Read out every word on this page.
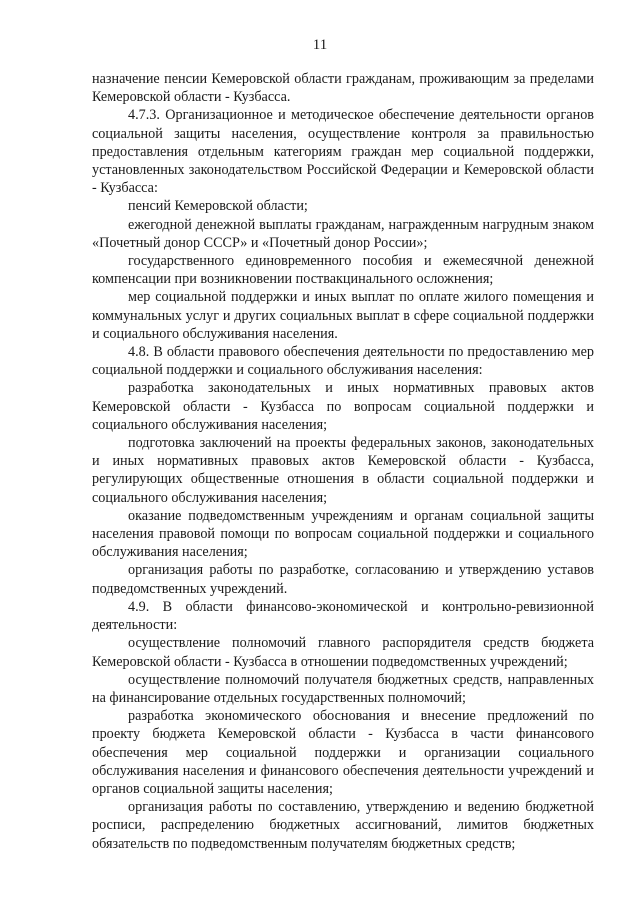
11

назначение пенсии Кемеровской области гражданам, проживающим за пределами Кемеровской области - Кузбасса.

4.7.3. Организационное и методическое обеспечение деятельности органов социальной защиты населения, осуществление контроля за правильностью предоставления отдельным категориям граждан мер социальной поддержки, установленных законодательством Российской Федерации и Кемеровской области - Кузбасса:

пенсий Кемеровской области;

ежегодной денежной выплаты гражданам, награжденным нагрудным знаком «Почетный донор СССР» и «Почетный донор России»;

государственного единовременного пособия и ежемесячной денежной компенсации при возникновении поствакцинального осложнения;

мер социальной поддержки и иных выплат по оплате жилого помещения и коммунальных услуг и других социальных выплат в сфере социальной поддержки и социального обслуживания населения.

4.8. В области правового обеспечения деятельности по предоставлению мер социальной поддержки и социального обслуживания населения:

разработка законодательных и иных нормативных правовых актов Кемеровской области - Кузбасса по вопросам социальной поддержки и социального обслуживания населения;

подготовка заключений на проекты федеральных законов, законодательных и иных нормативных правовых актов Кемеровской области - Кузбасса, регулирующих общественные отношения в области социальной поддержки и социального обслуживания населения;

оказание подведомственным учреждениям и органам социальной защиты населения правовой помощи по вопросам социальной поддержки и социального обслуживания населения;

организация работы по разработке, согласованию и утверждению уставов подведомственных учреждений.

4.9. В области финансово-экономической и контрольно-ревизионной деятельности:

осуществление полномочий главного распорядителя средств бюджета Кемеровской области - Кузбасса в отношении подведомственных учреждений;

осуществление полномочий получателя бюджетных средств, направленных на финансирование отдельных государственных полномочий;

разработка экономического обоснования и внесение предложений по проекту бюджета Кемеровской области - Кузбасса в части финансового обеспечения мер социальной поддержки и организации социального обслуживания населения и финансового обеспечения деятельности учреждений и органов социальной защиты населения;

организация работы по составлению, утверждению и ведению бюджетной росписи, распределению бюджетных ассигнований, лимитов бюджетных обязательств по подведомственным получателям бюджетных средств;
